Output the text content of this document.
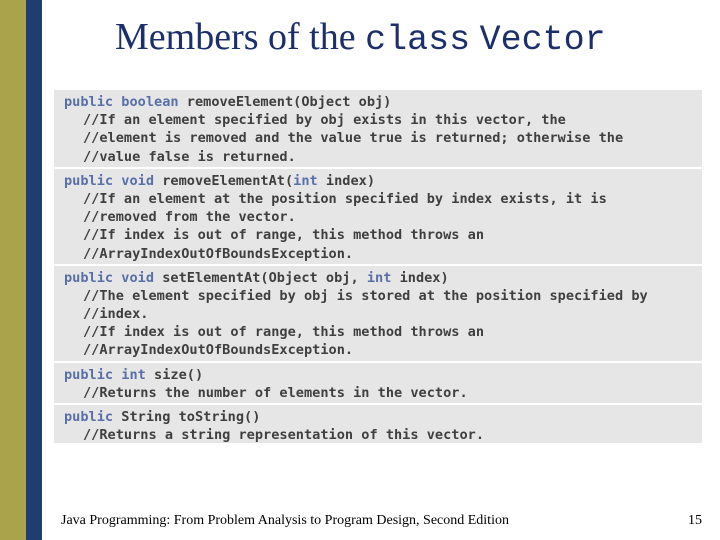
Members of the class Vector
public boolean removeElement(Object obj)
//If an element specified by obj exists in this vector, the
//element is removed and the value true is returned; otherwise the
//value false is returned.
public void removeElementAt(int index)
//If an element at the position specified by index exists, it is
//removed from the vector.
//If index is out of range, this method throws an
//ArrayIndexOutOfBoundsException.
public void setElementAt(Object obj, int index)
//The element specified by obj is stored at the position specified by
//index.
//If index is out of range, this method throws an
//ArrayIndexOutOfBoundsException.
public int size()
//Returns the number of elements in the vector.
public String toString()
//Returns a string representation of this vector.
Java Programming: From Problem Analysis to Program Design, Second Edition	15
